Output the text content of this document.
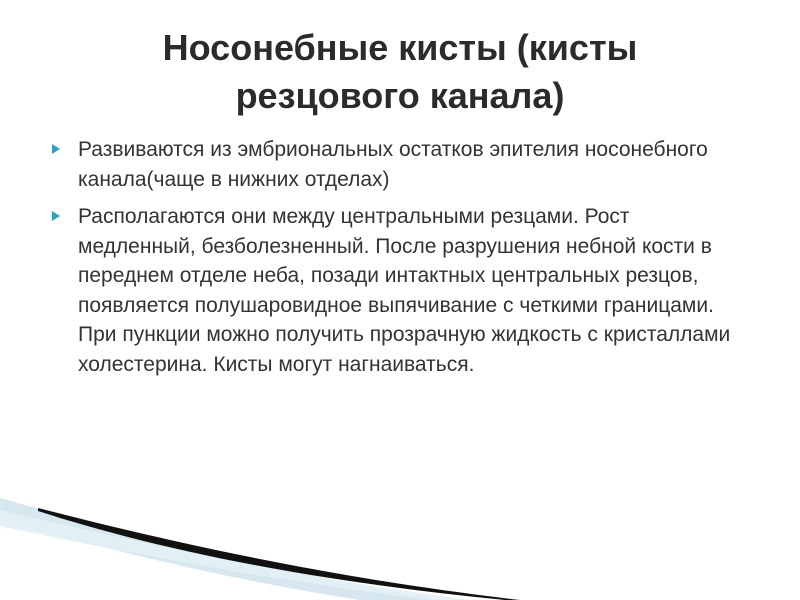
Носонебные кисты (кисты резцового канала)
Развиваются из эмбриональных остатков эпителия носонебного канала(чаще в нижних отделах)
Располагаются они между центральными резцами. Рост медленный, безболезненный. После разрушения небной кости в переднем отделе неба, позади интактных центральных резцов, появляется полушаровидное выпячивание с четкими границами. При пункции можно получить прозрачную жидкость с кристаллами холестерина. Кисты могут нагнаиваться.
